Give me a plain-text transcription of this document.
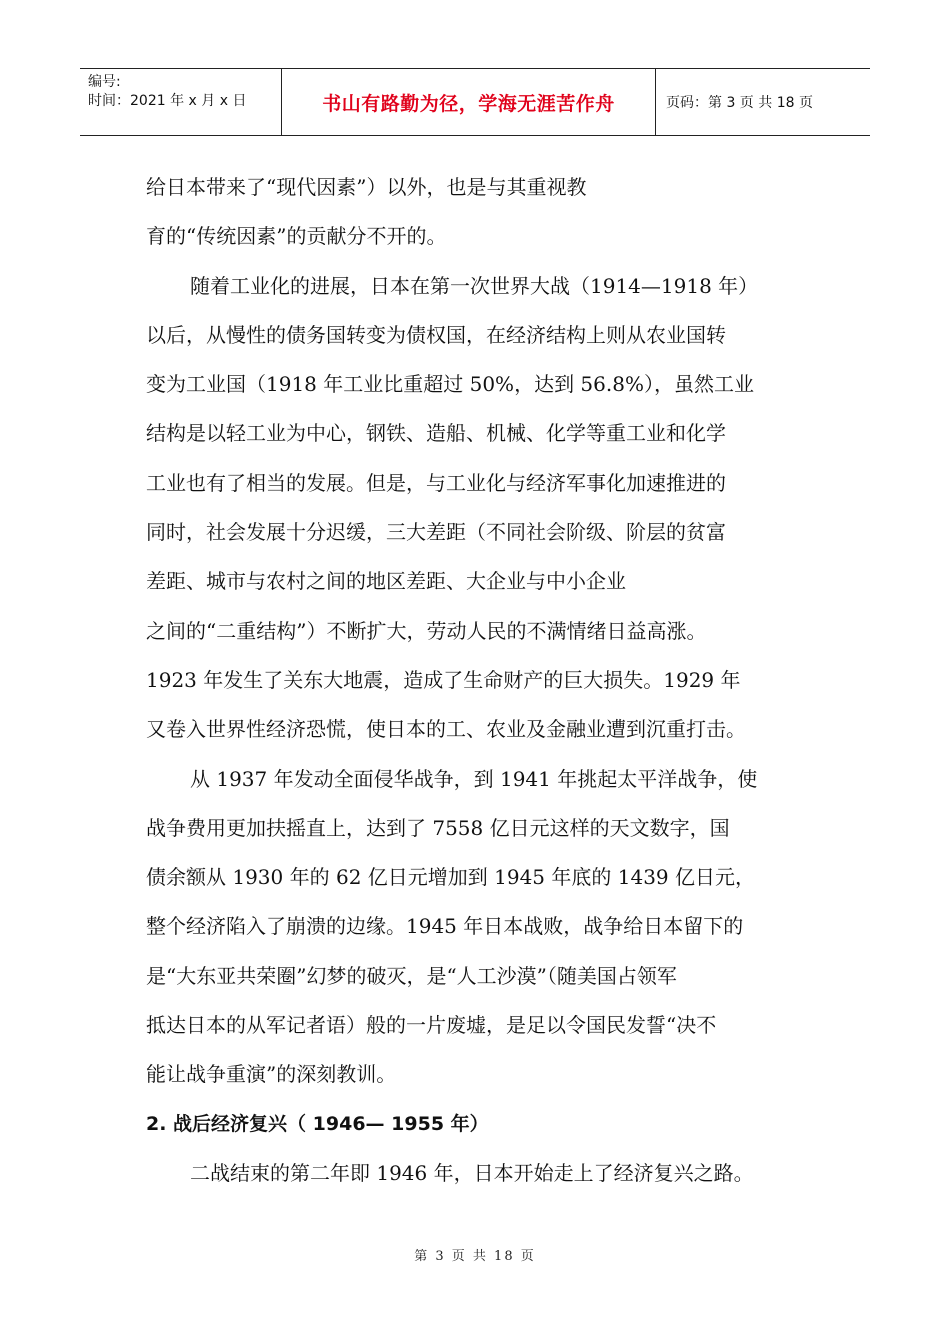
编号:
时间：2021 年 x 月 x 日	书山有路勤为径，学海无涯苦作舟	页码：第 3 页 共 18 页

给日本带来了“现代因素”）以外，也是与其重视教

育的“传统因素”的贡献分不开的。

随着工业化的进展，日本在第一次世界大战（1914—1918 年）

以后，从慢性的债务国转变为债权国，在经济结构上则从农业国转

变为工业国（1918 年工业比重超过 50%，达到 56.8%），虽然工业

结构是以轻工业为中心，钢铁、造船、机械、化学等重工业和化学

工业也有了相当的发展。但是，与工业化与经济军事化加速推进的

同时，社会发展十分迟缓，三大差距（不同社会阶级、阶层的贫富

差距、城市与农村之间的地区差距、大企业与中小企业

之间的“二重结构”）不断扩大，劳动人民的不满情绪日益高涨。

1923 年发生了关东大地震，造成了生命财产的巨大损失。1929 年

又卷入世界性经济恐慌，使日本的工、农业及金融业遭到沉重打击。

从 1937 年发动全面侵华战争，到 1941 年挑起太平洋战争，使

战争费用更加扶摇直上，达到了 7558 亿日元这样的天文数字，国

债余额从 1930 年的 62 亿日元增加到 1945 年底的 1439 亿日元，

整个经济陷入了崩溃的边缘。1945 年日本战败，战争给日本留下的

是“大东亚共荣圈”幻梦的破灭，是“人工沙漠”（随美国占领军

抵达日本的从军记者语）般的一片废墟，是足以令国民发誓“决不

能让战争重演”的深刻教训。

2. 战后经济复兴（ 1946— 1955 年）

二战结束的第二年即 1946 年，日本开始走上了经济复兴之路。

第 3 页 共 18 页
